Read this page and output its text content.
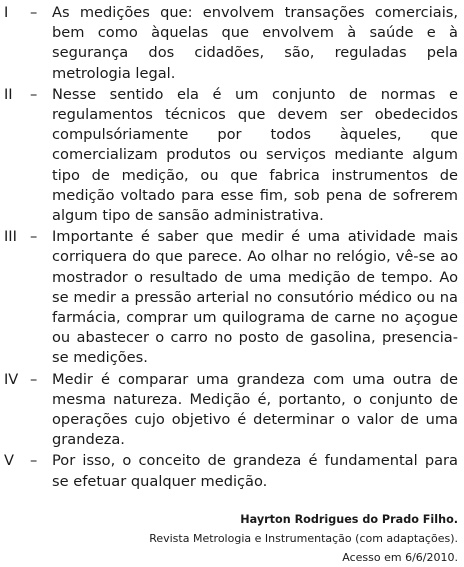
I	– As medições que: envolvem transações comerciais, bem como àquelas que envolvem à saúde e à segurança dos cidadões, são, reguladas pela metrologia legal.

II	– Nesse sentido ela é um conjunto de normas e regulamentos técnicos que devem ser obedecidos compulsóriamente por todos àqueles, que comercializam produtos ou serviços mediante algum tipo de medição, ou que fabrica instrumentos de medição voltado para esse fim, sob pena de sofrerem algum tipo de sansão administrativa.

III – Importante é saber que medir é uma atividade mais corriquera do que parece. Ao olhar no relógio, vê-se ao mostrador o resultado de uma medição de tempo. Ao se medir a pressão arterial no consutório médico ou na farmácia, comprar um quilograma de carne no açogue ou abastecer o carro no posto de gasolina, presencia-se medições.

IV – Medir é comparar uma grandeza com uma outra de mesma natureza. Medição é, portanto, o conjunto de operações cujo objetivo é determinar o valor de uma grandeza.

V	– Por isso, o conceito de grandeza é fundamental para se efetuar qualquer medição.

Hayrton Rodrigues do Prado Filho.
Revista Metrologia e Instrumentação (com adaptações).
Acesso em 6/6/2010.
